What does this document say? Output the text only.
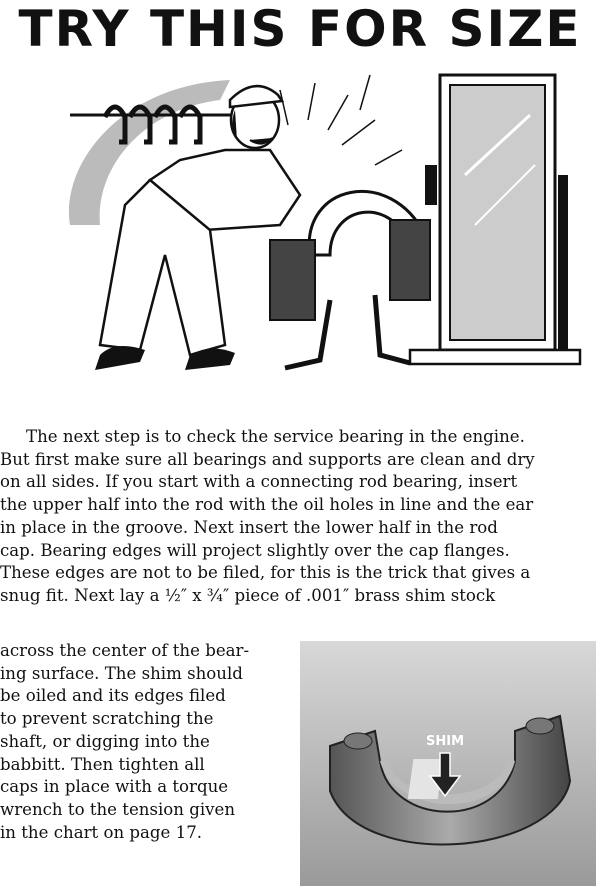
TRY THIS FOR SIZE
The next step is to check the service bearing in the engine.
But first make sure all bearings and supports are clean and dry
on all sides. If you start with a connecting rod bearing, insert
the upper half into the rod with the oil holes in line and the ear
in place in the groove. Next insert the lower half in the rod
cap. Bearing edges will project slightly over the cap flanges.
These edges are not to be filed, for this is the trick that gives a
snug fit. Next lay a ½″ x ¾″ piece of .001″ brass shim stock
across the center of the bear-
ing surface. The shim should
be oiled and its edges filed
to prevent scratching the
shaft, or digging into the
babbitt. Then tighten all
caps in place with a torque
wrench to the tension given
in the chart on page 17.
SHIM
